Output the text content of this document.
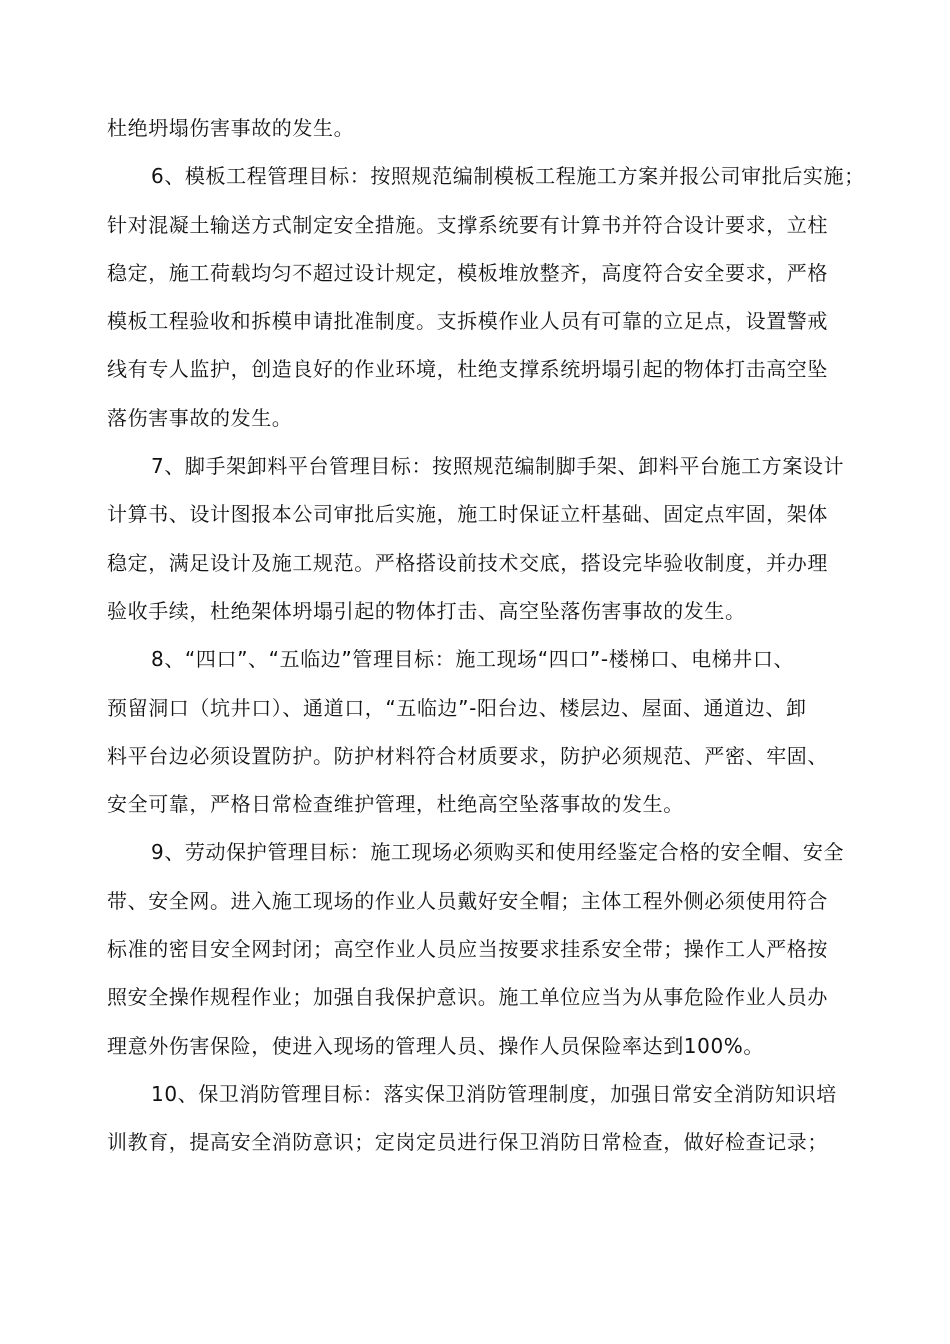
杜绝坍塌伤害事故的发生。
6、模板工程管理目标：按照规范编制模板工程施工方案并报公司审批后实施；
针对混凝土输送方式制定安全措施。支撑系统要有计算书并符合设计要求，立柱
稳定，施工荷载均匀不超过设计规定，模板堆放整齐，高度符合安全要求，严格
模板工程验收和拆模申请批准制度。支拆模作业人员有可靠的立足点，设置警戒
线有专人监护，创造良好的作业环境，杜绝支撑系统坍塌引起的物体打击高空坠
落伤害事故的发生。
7、脚手架卸料平台管理目标：按照规范编制脚手架、卸料平台施工方案设计
计算书、设计图报本公司审批后实施，施工时保证立杆基础、固定点牢固，架体
稳定，满足设计及施工规范。严格搭设前技术交底，搭设完毕验收制度，并办理
验收手续，杜绝架体坍塌引起的物体打击、高空坠落伤害事故的发生。
8、“四口”、“五临边”管理目标：施工现场“四口”-楼梯口、电梯井口、
预留洞口（坑井口）、通道口，“五临边”-阳台边、楼层边、屋面、通道边、卸
料平台边必须设置防护。防护材料符合材质要求，防护必须规范、严密、牢固、
安全可靠，严格日常检查维护管理，杜绝高空坠落事故的发生。
9、劳动保护管理目标：施工现场必须购买和使用经鉴定合格的安全帽、安全
带、安全网。进入施工现场的作业人员戴好安全帽；主体工程外侧必须使用符合
标准的密目安全网封闭；高空作业人员应当按要求挂系安全带；操作工人严格按
照安全操作规程作业；加强自我保护意识。施工单位应当为从事危险作业人员办
理意外伤害保险，使进入现场的管理人员、操作人员保险率达到100%。
10、保卫消防管理目标：落实保卫消防管理制度，加强日常安全消防知识培
训教育，提高安全消防意识；定岗定员进行保卫消防日常检查，做好检查记录；
